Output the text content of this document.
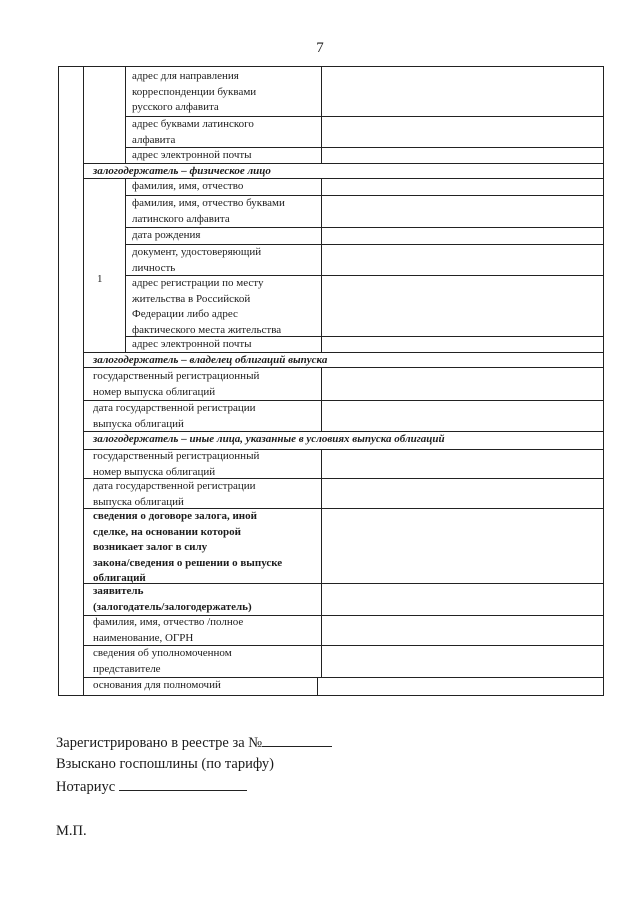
7
адрес для направления
корреспонденции буквами
русского алфавита
адрес буквами латинского
алфавита
адрес электронной почты
залогодержатель – физическое лицо
1
фамилия, имя, отчество
фамилия, имя, отчество буквами
латинского алфавита
дата рождения
документ, удостоверяющий
личность
адрес регистрации по месту
жительства в Российской
Федерации либо адрес
фактического места жительства
адрес электронной почты
залогодержатель – владелец облигаций выпуска
государственный регистрационный
номер выпуска облигаций
дата государственной регистрации
выпуска облигаций
залогодержатель – иные лица, указанные в условиях выпуска облигаций
государственный регистрационный
номер выпуска облигаций
дата государственной регистрации
выпуска облигаций
сведения о договоре залога, иной
сделке, на основании которой
возникает залог в силу
закона/сведения о решении о выпуске
облигаций
заявитель
(залогодатель/залогодержатель)
фамилия, имя, отчество /полное
наименование, ОГРН
сведения об уполномоченном
представителе
основания для полномочий
Зарегистрировано в реестре за №
Взыскано госпошлины (по тарифу)
Нотариус
М.П.
